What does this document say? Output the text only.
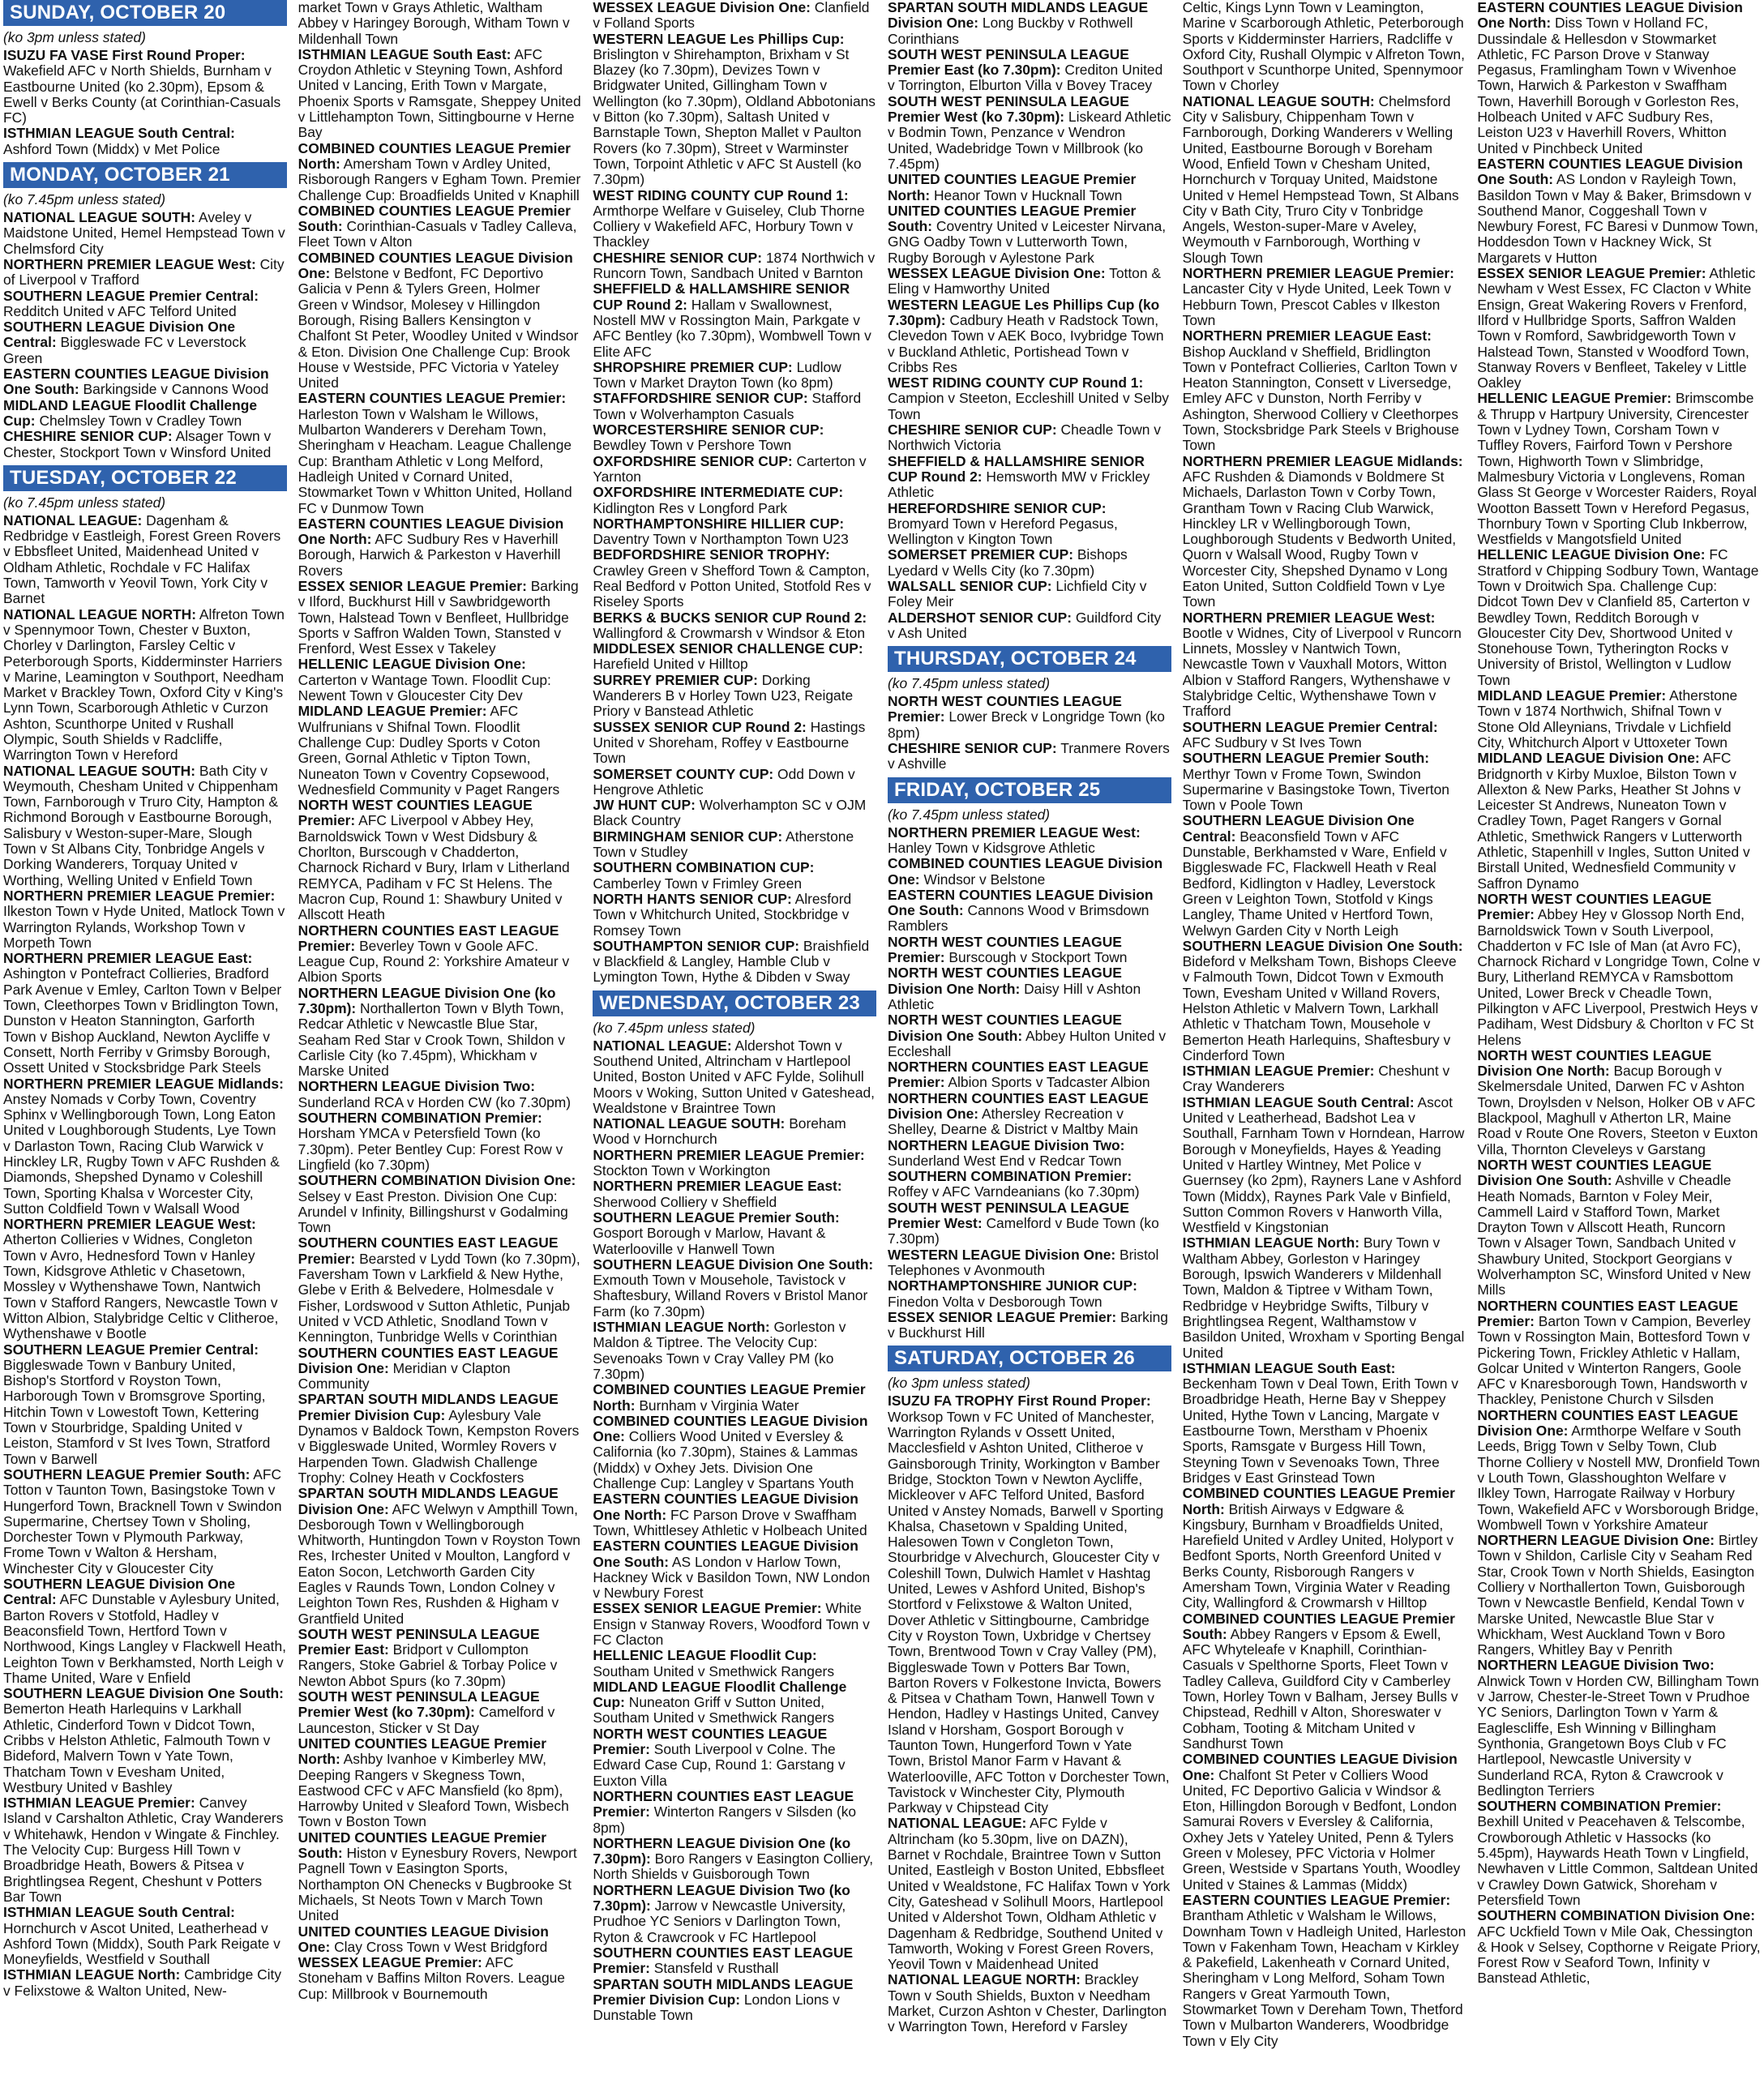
SUNDAY, OCTOBER 20
(ko 3pm unless stated)
ISUZU FA VASE First Round Proper: Wakefield AFC v North Shields, Burnham v Eastbourne United (ko 2.30pm), Epsom & Ewell v Berks County (at Corinthian-Casuals FC)
ISTHMIAN LEAGUE South Central: Ashford Town (Middx) v Met Police
MONDAY, OCTOBER 21
(ko 7.45pm unless stated)
NATIONAL LEAGUE SOUTH: Aveley v Maidstone United, Hemel Hempstead Town v Chelmsford City
NORTHERN PREMIER LEAGUE West: City of Liverpool v Trafford
SOUTHERN LEAGUE Premier Central: Redditch United v AFC Telford United
SOUTHERN LEAGUE Division One Central: Biggleswade FC v Leverstock Green
EASTERN COUNTIES LEAGUE Division One South: Barkingside v Cannons Wood
MIDLAND LEAGUE Floodlit Challenge Cup: Chelmsley Town v Cradley Town
CHESHIRE SENIOR CUP: Alsager Town v Chester, Stockport Town v Winsford United
TUESDAY, OCTOBER 22
(ko 7.45pm unless stated)
NATIONAL LEAGUE: Dagenham & Redbridge v Eastleigh, Forest Green Rovers v Ebbsfleet United, Maidenhead United v Oldham Athletic, Rochdale v FC Halifax Town, Tamworth v Yeovil Town, York City v Barnet
NATIONAL LEAGUE NORTH: Alfreton Town v Spennymoor Town, Chester v Buxton, Chorley v Darlington, Farsley Celtic v Peterborough Sports, Kidderminster Harriers v Marine, Leamington v Southport, Needham Market v Brackley Town, Oxford City v King's Lynn Town, Scarborough Athletic v Curzon Ashton, Scunthorpe United v Rushall Olympic, South Shields v Radcliffe, Warrington Town v Hereford
NATIONAL LEAGUE SOUTH: Bath City v Weymouth, Chesham United v Chippenham Town, Farnborough v Truro City, Hampton & Richmond Borough v Eastbourne Borough, Salisbury v Weston-super-Mare, Slough Town v St Albans City, Tonbridge Angels v Dorking Wanderers, Torquay United v Worthing, Welling United v Enfield Town
NORTHERN PREMIER LEAGUE Premier: Ilkeston Town v Hyde United, Matlock Town v Warrington Rylands, Workshop Town v Morpeth Town
NORTHERN PREMIER LEAGUE East: Ashington v Pontefract Collieries, Bradford Park Avenue v Emley, Carlton Town v Belper Town, Cleethorpes Town v Bridlington Town, Dunston v Heaton Stannington, Garforth Town v Bishop Auckland, Newton Aycliffe v Consett, North Ferriby v Grimsby Borough, Ossett United v Stocksbridge Park Steels
NORTHERN PREMIER LEAGUE Midlands: Anstey Nomads v Corby Town, Coventry Sphinx v Wellingborough Town, Long Eaton United v Loughborough Students, Lye Town v Darlaston Town, Racing Club Warwick v Hinckley LR, Rugby Town v AFC Rushden & Diamonds, Shepshed Dynamo v Coleshill Town, Sporting Khalsa v Worcester City, Sutton Coldfield Town v Walsall Wood
NORTHERN PREMIER LEAGUE West: Atherton Collieries v Widnes, Congleton Town v Avro, Hednesford Town v Hanley Town, Kidsgrove Athletic v Chasetown, Mossley v Wythenshawe Town, Nantwich Town v Stafford Rangers, Newcastle Town v Witton Albion, Stalybridge Celtic v Clitheroe, Wythenshawe v Bootle
SOUTHERN LEAGUE Premier Central: Biggleswade Town v Banbury United, Bishop's Stortford v Royston Town, Harborough Town v Bromsgrove Sporting, Hitchin Town v Lowestoft Town, Kettering Town v Stourbridge, Spalding United v Leiston, Stamford v St Ives Town, Stratford Town v Barwell
SOUTHERN LEAGUE Premier South: AFC Totton v Taunton Town, Basingstoke Town v Hungerford Town, Bracknell Town v Swindon Supermarine, Chertsey Town v Sholing, Dorchester Town v Plymouth Parkway, Frome Town v Walton & Hersham, Winchester City v Gloucester City
SOUTHERN LEAGUE Division One Central: AFC Dunstable v Aylesbury United, Barton Rovers v Stotfold, Hadley v Beaconsfield Town, Hertford Town v Northwood, Kings Langley v Flackwell Heath, Leighton Town v Berkhamsted, North Leigh v Thame United, Ware v Enfield
SOUTHERN LEAGUE Division One South: Bemerton Heath Harlequins v Larkhall Athletic, Cinderford Town v Didcot Town, Cribbs v Helston Athletic, Falmouth Town v Bideford, Malvern Town v Yate Town, Thatcham Town v Evesham United, Westbury United v Bashley
ISTHMIAN LEAGUE Premier: Canvey Island v Carshalton Athletic, Cray Wanderers v Whitehawk, Hendon v Wingate & Finchley. The Velocity Cup: Burgess Hill Town v Broadbridge Heath, Bowers & Pitsea v Brightlingsea Regent, Cheshunt v Potters Bar Town
ISTHMIAN LEAGUE South Central: Hornchurch v Ascot United, Leatherhead v Ashford Town (Middx), South Park Reigate v Moneyfields, Westfield v Southall
ISTHMIAN LEAGUE North: Cambridge City v Felixstowe & Walton United, New-
market Town v Grays Athletic, Waltham Abbey v Haringey Borough, Witham Town v Mildenhall Town
ISTHMIAN LEAGUE South East: AFC Croydon Athletic v Steyning Town, Ashford United v Lancing, Erith Town v Margate, Phoenix Sports v Ramsgate, Sheppey United v Littlehampton Town, Sittingbourne v Herne Bay
COMBINED COUNTIES LEAGUE Premier North: Amersham Town v Ardley United, Risborough Rangers v Egham Town. Premier Challenge Cup: Broadfields United v Knaphill
COMBINED COUNTIES LEAGUE Premier South: Corinthian-Casuals v Tadley Calleva, Fleet Town v Alton
COMBINED COUNTIES LEAGUE Division One: Belstone v Bedfont, FC Deportivo Galicia v Penn & Tylers Green, Holmer Green v Windsor, Molesey v Hillingdon Borough, Rising Ballers Kensington v Chalfont St Peter, Woodley United v Windsor & Eton. Division One Challenge Cup: Brook House v Westside, PFC Victoria v Yateley United
EASTERN COUNTIES LEAGUE Premier: Harleston Town v Walsham le Willows, Mulbarton Wanderers v Dereham Town, Sheringham v Heacham. League Challenge Cup: Brantham Athletic v Long Melford, Hadleigh United v Cornard United, Stowmarket Town v Whitton United, Holland FC v Dunmow Town
EASTERN COUNTIES LEAGUE Division One North: AFC Sudbury Res v Haverhill Borough, Harwich & Parkeston v Haverhill Rovers
ESSEX SENIOR LEAGUE Premier: Barking v Ilford, Buckhurst Hill v Sawbridgeworth Town, Halstead Town v Benfleet, Hullbridge Sports v Saffron Walden Town, Stansted v Frenford, West Essex v Takeley
HELLENIC LEAGUE Division One: Carterton v Wantage Town. Floodlit Cup: Newent Town v Gloucester City Dev
MIDLAND LEAGUE Premier: AFC Wulfrunians v Shifnal Town. Floodlit Challenge Cup: Dudley Sports v Coton Green, Gornal Athletic v Tipton Town, Nuneaton Town v Coventry Copsewood, Wednesfield Community v Paget Rangers
NORTH WEST COUNTIES LEAGUE Premier: AFC Liverpool v Abbey Hey, Barnoldswick Town v West Didsbury & Chorlton, Burscough v Chadderton, Charnock Richard v Bury, Irlam v Litherland REMYCA, Padiham v FC St Helens. The Macron Cup, Round 1: Shawbury United v Allscott Heath
NORTHERN COUNTIES EAST LEAGUE Premier: Beverley Town v Goole AFC. League Cup, Round 2: Yorkshire Amateur v Albion Sports
NORTHERN LEAGUE Division One (ko 7.30pm): Northallerton Town v Blyth Town, Redcar Athletic v Newcastle Blue Star, Seaham Red Star v Crook Town, Shildon v Carlisle City (ko 7.45pm), Whickham v Marske United
NORTHERN LEAGUE Division Two: Sunderland RCA v Horden CW (ko 7.30pm)
SOUTHERN COMBINATION Premier: Horsham YMCA v Petersfield Town (ko 7.30pm). Peter Bentley Cup: Forest Row v Lingfield (ko 7.30pm)
SOUTHERN COMBINATION Division One: Selsey v East Preston. Division One Cup: Arundel v Infinity, Billingshurst v Godalming Town
SOUTHERN COUNTIES EAST LEAGUE Premier: Bearsted v Lydd Town (ko 7.30pm), Faversham Town v Larkfield & New Hythe, Glebe v Erith & Belvedere, Holmesdale v Fisher, Lordswood v Sutton Athletic, Punjab United v VCD Athletic, Snodland Town v Kennington, Tunbridge Wells v Corinthian
SOUTHERN COUNTIES EAST LEAGUE Division One: Meridian v Clapton Community
SPARTAN SOUTH MIDLANDS LEAGUE Premier Division Cup: Aylesbury Vale Dynamos v Baldock Town, Kempston Rovers v Biggleswade United, Wormley Rovers v Harpenden Town. Gladwish Challenge Trophy: Colney Heath v Cockfosters
SPARTAN SOUTH MIDLANDS LEAGUE Division One: AFC Welwyn v Ampthill Town, Desborough Town v Wellingborough Whitworth, Huntingdon Town v Royston Town Res, Irchester United v Moulton, Langford v Eaton Socon, Letchworth Garden City Eagles v Raunds Town, London Colney v Leighton Town Res, Rushden & Higham v Grantfield United
SOUTH WEST PENINSULA LEAGUE Premier East: Bridport v Cullompton Rangers, Stoke Gabriel & Torbay Police v Newton Abbot Spurs (ko 7.30pm)
SOUTH WEST PENINSULA LEAGUE Premier West (ko 7.30pm): Camelford v Launceston, Sticker v St Day
UNITED COUNTIES LEAGUE Premier North: Ashby Ivanhoe v Kimberley MW, Deeping Rangers v Skegness Town, Eastwood CFC v AFC Mansfield (ko 8pm), Harrowby United v Sleaford Town, Wisbech Town v Boston Town
UNITED COUNTIES LEAGUE Premier South: Histon v Eynesbury Rovers, Newport Pagnell Town v Easington Sports, Northampton ON Chenecks v Bugbrooke St Michaels, St Neots Town v March Town United
UNITED COUNTIES LEAGUE Division One: Clay Cross Town v West Bridgford
WESSEX LEAGUE Premier: AFC Stoneham v Baffins Milton Rovers. League Cup: Millbrook v Bournemouth
WESSEX LEAGUE Division One: Clanfield v Folland Sports
WESTERN LEAGUE Les Phillips Cup: Brislington v Shirehampton, Brixham v St Blazey (ko 7.30pm), Devizes Town v Bridgwater United, Gillingham Town v Wellington (ko 7.30pm), Oldland Abbotonians v Bitton (ko 7.30pm), Saltash United v Barnstaple Town, Shepton Mallet v Paulton Rovers (ko 7.30pm), Street v Warminster Town, Torpoint Athletic v AFC St Austell (ko 7.30pm)
WEST RIDING COUNTY CUP Round 1: Armthorpe Welfare v Guiseley, Club Thorne Colliery v Wakefield AFC, Horbury Town v Thackley
CHESHIRE SENIOR CUP: 1874 Northwich v Runcorn Town, Sandbach United v Barnton
SHEFFIELD & HALLAMSHIRE SENIOR CUP Round 2: Hallam v Swallownest, Nostell MW v Rossington Main, Parkgate v AFC Bentley (ko 7.30pm), Wombwell Town v Elite AFC
SHROPSHIRE PREMIER CUP: Ludlow Town v Market Drayton Town (ko 8pm)
STAFFORDSHIRE SENIOR CUP: Stafford Town v Wolverhampton Casuals
WORCESTERSHIRE SENIOR CUP: Bewdley Town v Pershore Town
OXFORDSHIRE SENIOR CUP: Carterton v Yarnton
OXFORDSHIRE INTERMEDIATE CUP: Kidlington Res v Longford Park
NORTHAMPTONSHIRE HILLIER CUP: Daventry Town v Northampton Town U23
BEDFORDSHIRE SENIOR TROPHY: Crawley Green v Shefford Town & Campton, Real Bedford v Potton United, Stotfold Res v Riseley Sports
BERKS & BUCKS SENIOR CUP Round 2: Wallingford & Crowmarsh v Windsor & Eton
MIDDLESEX SENIOR CHALLENGE CUP: Harefield United v Hilltop
SURREY PREMIER CUP: Dorking Wanderers B v Horley Town U23, Reigate Priory v Banstead Athletic
SUSSEX SENIOR CUP Round 2: Hastings United v Shoreham, Roffey v Eastbourne Town
SOMERSET COUNTY CUP: Odd Down v Hengrove Athletic
JW HUNT CUP: Wolverhampton SC v OJM Black Country
BIRMINGHAM SENIOR CUP: Atherstone Town v Studley
SOUTHERN COMBINATION CUP: Camberley Town v Frimley Green
NORTH HANTS SENIOR CUP: Alresford Town v Whitchurch United, Stockbridge v Romsey Town
SOUTHAMPTON SENIOR CUP: Braishfield v Blackfield & Langley, Hamble Club v Lymington Town, Hythe & Dibden v Sway
WEDNESDAY, OCTOBER 23
(ko 7.45pm unless stated)
NATIONAL LEAGUE: Aldershot Town v Southend United, Altrincham v Hartlepool United, Boston United v AFC Fylde, Solihull Moors v Woking, Sutton United v Gateshead, Wealdstone v Braintree Town
NATIONAL LEAGUE SOUTH: Boreham Wood v Hornchurch
NORTHERN PREMIER LEAGUE Premier: Stockton Town v Workington
NORTHERN PREMIER LEAGUE East: Sherwood Colliery v Sheffield
SOUTHERN LEAGUE Premier South: Gosport Borough v Marlow, Havant & Waterlooville v Hanwell Town
SOUTHERN LEAGUE Division One South: Exmouth Town v Mousehole, Tavistock v Shaftesbury, Willand Rovers v Bristol Manor Farm (ko 7.30pm)
ISTHMIAN LEAGUE North: Gorleston v Maldon & Tiptree. The Velocity Cup: Sevenoaks Town v Cray Valley PM (ko 7.30pm)
COMBINED COUNTIES LEAGUE Premier North: Burnham v Virginia Water
COMBINED COUNTIES LEAGUE Division One: Colliers Wood United v Eversley & California (ko 7.30pm), Staines & Lammas (Middx) v Oxhey Jets. Division One Challenge Cup: Langley v Spartans Youth
EASTERN COUNTIES LEAGUE Division One North: FC Parson Drove v Swaffham Town, Whittlesey Athletic v Holbeach United
EASTERN COUNTIES LEAGUE Division One South: AS London v Harlow Town, Hackney Wick v Basildon Town, NW London v Newbury Forest
ESSEX SENIOR LEAGUE Premier: White Ensign v Stanway Rovers, Woodford Town v FC Clacton
HELLENIC LEAGUE Floodlit Cup: Southam United v Smethwick Rangers
MIDLAND LEAGUE Floodlit Challenge Cup: Nuneaton Griff v Sutton United, Southam United v Smethwick Rangers
NORTH WEST COUNTIES LEAGUE Premier: South Liverpool v Colne. The Edward Case Cup, Round 1: Garstang v Euxton Villa
NORTHERN COUNTIES EAST LEAGUE Premier: Winterton Rangers v Silsden (ko 8pm)
NORTHERN LEAGUE Division One (ko 7.30pm): Boro Rangers v Easington Colliery, North Shields v Guisborough Town
NORTHERN LEAGUE Division Two (ko 7.30pm): Jarrow v Newcastle University, Prudhoe YC Seniors v Darlington Town, Ryton & Crawcrook v FC Hartlepool
SOUTHERN COUNTIES EAST LEAGUE Premier: Stansfeld v Rusthall
SPARTAN SOUTH MIDLANDS LEAGUE Premier Division Cup: London Lions v Dunstable Town
SPARTAN SOUTH MIDLANDS LEAGUE Division One: Long Buckby v Rothwell Corinthians
SOUTH WEST PENINSULA LEAGUE Premier East (ko 7.30pm): Crediton United v Torrington, Elburton Villa v Bovey Tracey
SOUTH WEST PENINSULA LEAGUE Premier West (ko 7.30pm): Liskeard Athletic v Bodmin Town, Penzance v Wendron United, Wadebridge Town v Millbrook (ko 7.45pm)
UNITED COUNTIES LEAGUE Premier North: Heanor Town v Hucknall Town
UNITED COUNTIES LEAGUE Premier South: Coventry United v Leicester Nirvana, GNG Oadby Town v Lutterworth Town, Rugby Borough v Aylestone Park
WESSEX LEAGUE Division One: Totton & Eling v Hamworthy United
WESTERN LEAGUE Les Phillips Cup (ko 7.30pm): Cadbury Heath v Radstock Town, Clevedon Town v AEK Boco, Ivybridge Town v Buckland Athletic, Portishead Town v Cribbs Res
WEST RIDING COUNTY CUP Round 1: Campion v Steeton, Eccleshill United v Selby Town
CHESHIRE SENIOR CUP: Cheadle Town v Northwich Victoria
SHEFFIELD & HALLAMSHIRE SENIOR CUP Round 2: Hemsworth MW v Frickley Athletic
HEREFORDSHIRE SENIOR CUP: Bromyard Town v Hereford Pegasus, Wellington v Kington Town
SOMERSET PREMIER CUP: Bishops Lyedard v Wells City (ko 7.30pm)
WALSALL SENIOR CUP: Lichfield City v Foley Meir
ALDERSHOT SENIOR CUP: Guildford City v Ash United
THURSDAY, OCTOBER 24
(ko 7.45pm unless stated)
NORTH WEST COUNTIES LEAGUE Premier: Lower Breck v Longridge Town (ko 8pm)
CHESHIRE SENIOR CUP: Tranmere Rovers v Ashville
FRIDAY, OCTOBER 25
(ko 7.45pm unless stated)
NORTHERN PREMIER LEAGUE West: Hanley Town v Kidsgrove Athletic
COMBINED COUNTIES LEAGUE Division One: Windsor v Belstone
EASTERN COUNTIES LEAGUE Division One South: Cannons Wood v Brimsdown Ramblers
NORTH WEST COUNTIES LEAGUE Premier: Burscough v Stockport Town
NORTH WEST COUNTIES LEAGUE Division One North: Daisy Hill v Ashton Athletic
NORTH WEST COUNTIES LEAGUE Division One South: Abbey Hulton United v Eccleshall
NORTHERN COUNTIES EAST LEAGUE Premier: Albion Sports v Tadcaster Albion
NORTHERN COUNTIES EAST LEAGUE Division One: Athersley Recreation v Shelley, Dearne & District v Maltby Main
NORTHERN LEAGUE Division Two: Sunderland West End v Redcar Town
SOUTHERN COMBINATION Premier: Roffey v AFC Varndeanians (ko 7.30pm)
SOUTH WEST PENINSULA LEAGUE Premier West: Camelford v Bude Town (ko 7.30pm)
WESTERN LEAGUE Division One: Bristol Telephones v Avonmouth
NORTHAMPTONSHIRE JUNIOR CUP: Finedon Volta v Desborough Town
ESSEX SENIOR LEAGUE Premier: Barking v Buckhurst Hill
SATURDAY, OCTOBER 26
(ko 3pm unless stated)
ISUZU FA TROPHY First Round Proper: Worksop Town v FC United of Manchester, Warrington Rylands v Ossett United, Macclesfield v Ashton United, Clitheroe v Gainsborough Trinity, Workington v Bamber Bridge, Stockton Town v Newton Aycliffe, Mickleover v AFC Telford United, Basford United v Anstey Nomads, Barwell v Sporting Khalsa, Chasetown v Spalding United, Halesowen Town v Congleton Town, Stourbridge v Alvechurch, Gloucester City v Coleshill Town, Dulwich Hamlet v Hashtag United, Lewes v Ashford United, Bishop's Stortford v Felixstowe & Walton United, Dover Athletic v Sittingbourne, Cambridge City v Royston Town, Uxbridge v Chertsey Town, Brentwood Town v Cray Valley (PM), Biggleswade Town v Potters Bar Town, Barton Rovers v Folkestone Invicta, Bowers & Pitsea v Chatham Town, Hanwell Town v Hendon, Hadley v Hastings United, Canvey Island v Horsham, Gosport Borough v Taunton Town, Hungerford Town v Yate Town, Bristol Manor Farm v Havant & Waterlooville, AFC Totton v Dorchester Town, Tavistock v Winchester City, Plymouth Parkway v Chipstead City
NATIONAL LEAGUE: AFC Fylde v Altrincham (ko 5.30pm, live on DAZN), Barnet v Rochdale, Braintree Town v Sutton United, Eastleigh v Boston United, Ebbsfleet United v Wealdstone, FC Halifax Town v York City, Gateshead v Solihull Moors, Hartlepool United v Aldershot Town, Oldham Athletic v Dagenham & Redbridge, Southend United v Tamworth, Woking v Forest Green Rovers, Yeovil Town v Maidenhead United
NATIONAL LEAGUE NORTH: Brackley Town v South Shields, Buxton v Needham Market, Curzon Ashton v Chester, Darlington v Warrington Town, Hereford v Farsley
Celtic, Kings Lynn Town v Leamington, Marine v Scarborough Athletic, Peterborough Sports v Kidderminster Harriers, Radcliffe v Oxford City, Rushall Olympic v Alfreton Town, Southport v Scunthorpe United, Spennymoor Town v Chorley
NATIONAL LEAGUE SOUTH: Chelmsford City v Salisbury, Chippenham Town v Farnborough, Dorking Wanderers v Welling United, Eastbourne Borough v Boreham Wood, Enfield Town v Chesham United, Hornchurch v Torquay United, Maidstone United v Hemel Hempstead Town, St Albans City v Bath City, Truro City v Tonbridge Angels, Weston-super-Mare v Aveley, Weymouth v Farnborough, Worthing v Slough Town
NORTHERN PREMIER LEAGUE Premier: Lancaster City v Hyde United, Leek Town v Hebburn Town, Prescot Cables v Ilkeston Town
NORTHERN PREMIER LEAGUE East: Bishop Auckland v Sheffield, Bridlington Town v Pontefract Collieries, Carlton Town v Heaton Stannington, Consett v Liversedge, Emley AFC v Dunston, North Ferriby v Ashington, Sherwood Colliery v Cleethorpes Town, Stocksbridge Park Steels v Brighouse Town
NORTHERN PREMIER LEAGUE Midlands: AFC Rushden & Diamonds v Boldmere St Michaels, Darlaston Town v Corby Town, Grantham Town v Racing Club Warwick, Hinckley LR v Wellingborough Town, Loughborough Students v Bedworth United, Quorn v Walsall Wood, Rugby Town v Worcester City, Shepshed Dynamo v Long Eaton United, Sutton Coldfield Town v Lye Town
NORTHERN PREMIER LEAGUE West: Bootle v Widnes, City of Liverpool v Runcorn Linnets, Mossley v Nantwich Town, Newcastle Town v Vauxhall Motors, Witton Albion v Stafford Rangers, Wythenshawe v Stalybridge Celtic, Wythenshawe Town v Trafford
SOUTHERN LEAGUE Premier Central: AFC Sudbury v St Ives Town
SOUTHERN LEAGUE Premier South: Merthyr Town v Frome Town, Swindon Supermarine v Basingstoke Town, Tiverton Town v Poole Town
SOUTHERN LEAGUE Division One Central: Beaconsfield Town v AFC Dunstable, Berkhamsted v Ware, Enfield v Biggleswade FC, Flackwell Heath v Real Bedford, Kidlington v Hadley, Leverstock Green v Leighton Town, Stotfold v Kings Langley, Thame United v Hertford Town, Welwyn Garden City v North Leigh
SOUTHERN LEAGUE Division One South: Bideford v Melksham Town, Bishops Cleeve v Falmouth Town, Didcot Town v Exmouth Town, Evesham United v Willand Rovers, Helston Athletic v Malvern Town, Larkhall Athletic v Thatcham Town, Mousehole v Bemerton Heath Harlequins, Shaftesbury v Cinderford Town
ISTHMIAN LEAGUE Premier: Cheshunt v Cray Wanderers
ISTHMIAN LEAGUE South Central: Ascot United v Leatherhead, Badshot Lea v Southall, Farnham Town v Horndean, Harrow Borough v Moneyfields, Hayes & Yeading United v Hartley Wintney, Met Police v Guernsey (ko 2pm), Rayners Lane v Ashford Town (Middx), Raynes Park Vale v Binfield, Sutton Common Rovers v Hanworth Villa, Westfield v Kingstonian
ISTHMIAN LEAGUE North: Bury Town v Waltham Abbey, Gorleston v Haringey Borough, Ipswich Wanderers v Mildenhall Town, Maldon & Tiptree v Witham Town, Redbridge v Heybridge Swifts, Tilbury v Brightlingsea Regent, Walthamstow v Basildon United, Wroxham v Sporting Bengal United
ISTHMIAN LEAGUE South East: Beckenham Town v Deal Town, Erith Town v Broadbridge Heath, Herne Bay v Sheppey United, Hythe Town v Lancing, Margate v Eastbourne Town, Merstham v Phoenix Sports, Ramsgate v Burgess Hill Town, Steyning Town v Sevenoaks Town, Three Bridges v East Grinstead Town
COMBINED COUNTIES LEAGUE Premier North: British Airways v Edgware & Kingsbury, Burnham v Broadfields United, Harefield United v Ardley United, Holyport v Bedfont Sports, North Greenford United v Berks County, Risborough Rangers v Amersham Town, Virginia Water v Reading City, Wallingford & Crowmarsh v Hilltop
COMBINED COUNTIES LEAGUE Premier South: Abbey Rangers v Epsom & Ewell, AFC Whyteleafe v Knaphill, Corinthian-Casuals v Spelthorne Sports, Fleet Town v Tadley Calleva, Guildford City v Camberley Town, Horley Town v Balham, Jersey Bulls v Chipstead, Redhill v Alton, Shoreswater v Cobham, Tooting & Mitcham United v Sandhurst Town
COMBINED COUNTIES LEAGUE Division One: Chalfont St Peter v Colliers Wood United, FC Deportivo Galicia v Windsor & Eton, Hillingdon Borough v Bedfont, London Samurai Rovers v Eversley & California, Oxhey Jets v Yateley United, Penn & Tylers Green v Molesey, PFC Victoria v Holmer Green, Westside v Spartans Youth, Woodley United v Staines & Lammas (Middx)
EASTERN COUNTIES LEAGUE Premier: Brantham Athletic v Walsham le Willows, Downham Town v Hadleigh United, Harleston Town v Fakenham Town, Heacham v Kirkley & Pakefield, Lakenheath v Cornard United, Sheringham v Long Melford, Soham Town Rangers v Great Yarmouth Town, Stowmarket Town v Dereham Town, Thetford Town v Mulbarton Wanderers, Woodbridge Town v Ely City
EASTERN COUNTIES LEAGUE Division One North: Diss Town v Holland FC, Dussindale & Hellesdon v Stowmarket Athletic, FC Parson Drove v Stanway Pegasus, Framlingham Town v Wivenhoe Town, Harwich & Parkeston v Swaffham Town, Haverhill Borough v Gorleston Res, Holbeach United v AFC Sudbury Res, Leiston U23 v Haverhill Rovers, Whitton United v Pinchbeck United
EASTERN COUNTIES LEAGUE Division One South: AS London v Rayleigh Town, Basildon Town v May & Baker, Brimsdown v Southend Manor, Coggeshall Town v Newbury Forest, FC Baresi v Dunmow Town, Hoddesdon Town v Hackney Wick, St Margarets v Hutton
ESSEX SENIOR LEAGUE Premier: Athletic Newham v West Essex, FC Clacton v White Ensign, Great Wakering Rovers v Frenford, Ilford v Hullbridge Sports, Saffron Walden Town v Romford, Sawbridgeworth Town v Halstead Town, Stansted v Woodford Town, Stanway Rovers v Benfleet, Takeley v Little Oakley
HELLENIC LEAGUE Premier: Brimscombe & Thrupp v Hartpury University, Cirencester Town v Lydney Town, Corsham Town v Tuffley Rovers, Fairford Town v Pershore Town, Highworth Town v Slimbridge, Malmesbury Victoria v Longlevens, Roman Glass St George v Worcester Raiders, Royal Wootton Bassett Town v Hereford Pegasus, Thornbury Town v Sporting Club Inkberrow, Westfields v Mangotsfield United
HELLENIC LEAGUE Division One: FC Stratford v Chipping Sodbury Town, Wantage Town v Droitwich Spa. Challenge Cup: Didcot Town Dev v Clanfield 85, Carterton v Bewdley Town, Redditch Borough v Gloucester City Dev, Shortwood United v Stonehouse Town, Tytherington Rocks v University of Bristol, Wellington v Ludlow Town
MIDLAND LEAGUE Premier: Atherstone Town v 1874 Northwich, Shifnal Town v Stone Old Alleynians, Trivdale v Lichfield City, Whitchurch Alport v Uttoxeter Town
MIDLAND LEAGUE Division One: AFC Bridgnorth v Kirby Muxloe, Bilston Town v Allexton & New Parks, Heather St Johns v Leicester St Andrews, Nuneaton Town v Cradley Town, Paget Rangers v Gornal Athletic, Smethwick Rangers v Lutterworth Athletic, Stapenhill v Ingles, Sutton United v Birstall United, Wednesfield Community v Saffron Dynamo
NORTH WEST COUNTIES LEAGUE Premier: Abbey Hey v Glossop North End, Barnoldswick Town v South Liverpool, Chadderton v FC Isle of Man (at Avro FC), Charnock Richard v Longridge Town, Colne v Bury, Litherland REMYCA v Ramsbottom United, Lower Breck v Cheadle Town, Pilkington v AFC Liverpool, Prestwich Heys v Padiham, West Didsbury & Chorlton v FC St Helens
NORTH WEST COUNTIES LEAGUE Division One North: Bacup Borough v Skelmersdale United, Darwen FC v Ashton Town, Droylsden v Nelson, Holker OB v AFC Blackpool, Maghull v Atherton LR, Maine Road v Route One Rovers, Steeton v Euxton Villa, Thornton Cleveleys v Garstang
NORTH WEST COUNTIES LEAGUE Division One South: Ashville v Cheadle Heath Nomads, Barnton v Foley Meir, Cammell Laird v Stafford Town, Market Drayton Town v Allscott Heath, Runcorn Town v Alsager Town, Sandbach United v Shawbury United, Stockport Georgians v Wolverhampton SC, Winsford United v New Mills
NORTHERN COUNTIES EAST LEAGUE Premier: Barton Town v Campion, Beverley Town v Rossington Main, Bottesford Town v Pickering Town, Frickley Athletic v Hallam, Golcar United v Winterton Rangers, Goole AFC v Knaresborough Town, Handsworth v Thackley, Penistone Church v Silsden
NORTHERN COUNTIES EAST LEAGUE Division One: Armthorpe Welfare v South Leeds, Brigg Town v Selby Town, Club Thorne Colliery v Nostell MW, Dronfield Town v Louth Town, Glasshoughton Welfare v Ilkley Town, Harrogate Railway v Horbury Town, Wakefield AFC v Worsborough Bridge, Wombwell Town v Yorkshire Amateur
NORTHERN LEAGUE Division One: Birtley Town v Shildon, Carlisle City v Seaham Red Star, Crook Town v North Shields, Easington Colliery v Northallerton Town, Guisborough Town v Newcastle Benfield, Kendal Town v Marske United, Newcastle Blue Star v Whickham, West Auckland Town v Boro Rangers, Whitley Bay v Penrith
NORTHERN LEAGUE Division Two: Alnwick Town v Horden CW, Billingham Town v Jarrow, Chester-le-Street Town v Prudhoe YC Seniors, Darlington Town v Yarm & Eaglescliffe, Esh Winning v Billingham Synthonia, Grangetown Boys Club v FC Hartlepool, Newcastle University v Sunderland RCA, Ryton & Crawcrook v Bedlington Terriers
SOUTHERN COMBINATION Premier: Bexhill United v Peacehaven & Telscombe, Crowborough Athletic v Hassocks (ko 5.45pm), Haywards Heath Town v Lingfield, Newhaven v Little Common, Saltdean United v Crawley Down Gatwick, Shoreham v Petersfield Town
SOUTHERN COMBINATION Division One: AFC Uckfield Town v Mile Oak, Chessington & Hook v Selsey, Copthorne v Reigate Priory, Forest Row v Seaford Town, Infinity v Banstead Athletic,
